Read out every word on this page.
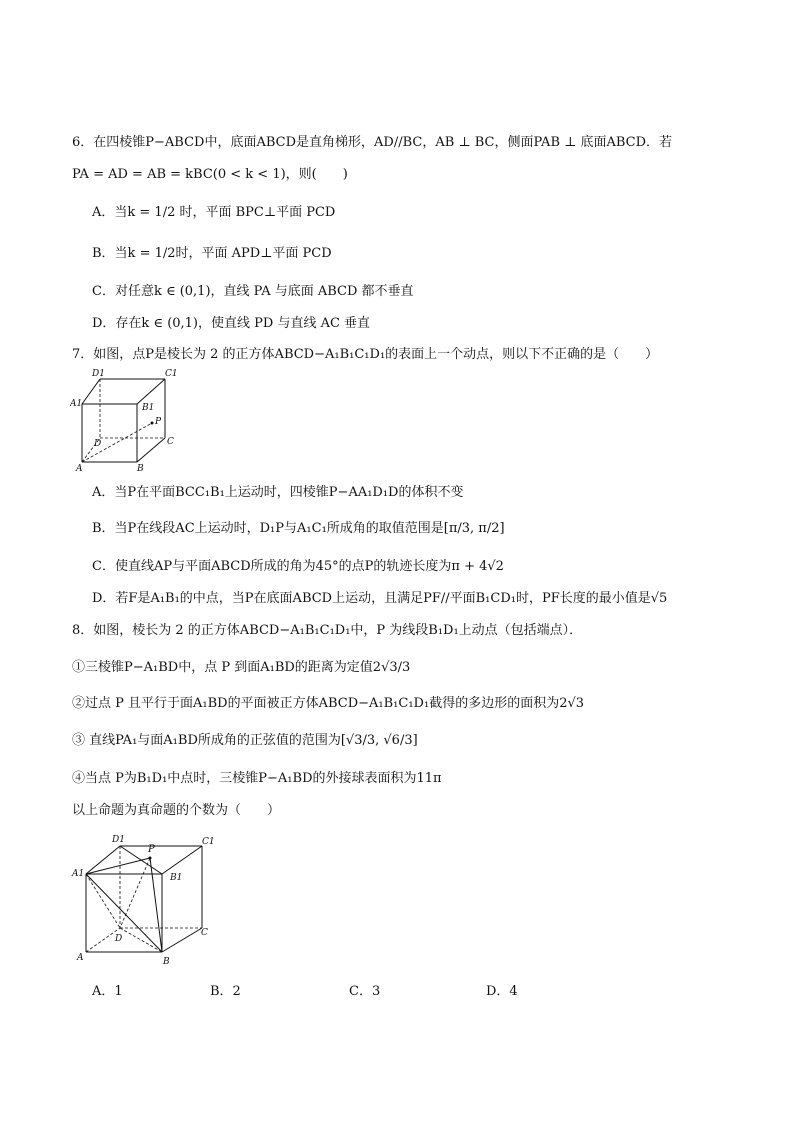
6．在四棱锥P−ABCD中，底面ABCD是直角梯形，AD//BC，AB ⊥ BC，侧面PAB ⊥ 底面ABCD．若
PA = AD = AB = kBC(0 < k < 1)，则(　　)
A．当k = 1/2 时，平面 BPC⊥平面 PCD
B．当k = 1/2时，平面 APD⊥平面 PCD
C．对任意k ∈ (0,1)，直线 PA 与底面 ABCD 都不垂直
D．存在k ∈ (0,1)，使直线 PD 与直线 AC 垂直
7．如图，点P是棱长为 2 的正方体ABCD−A₁B₁C₁D₁的表面上一个动点，则以下不正确的是（　　）
D1	C1
A1	B1
P
D	C
A	B
A．当P在平面BCC₁B₁上运动时，四棱锥P−AA₁D₁D的体积不变
B．当P在线段AC上运动时，D₁P与A₁C₁所成角的取值范围是[π/3, π/2]
C．使直线AP与平面ABCD所成的角为45°的点P的轨迹长度为π + 4√2
D．若F是A₁B₁的中点，当P在底面ABCD上运动，且满足PF//平面B₁CD₁时，PF长度的最小值是√5
8．如图，棱长为 2 的正方体ABCD−A₁B₁C₁D₁中，P 为线段B₁D₁上动点（包括端点）．
①三棱锥P−A₁BD中，点 P 到面A₁BD的距离为定值2√3/3
②过点 P 且平行于面A₁BD的平面被正方体ABCD−A₁B₁C₁D₁截得的多边形的面积为2√3
③ 直线PA₁与面A₁BD所成角的正弦值的范围为[√3/3, √6/3]
④当点 P为B₁D₁中点时，三棱锥P−A₁BD的外接球表面积为11π
以上命题为真命题的个数为（　　）
D1
P
C1
A1	B1
D
C
A	B
A．1	B．2	C．3	D．4
